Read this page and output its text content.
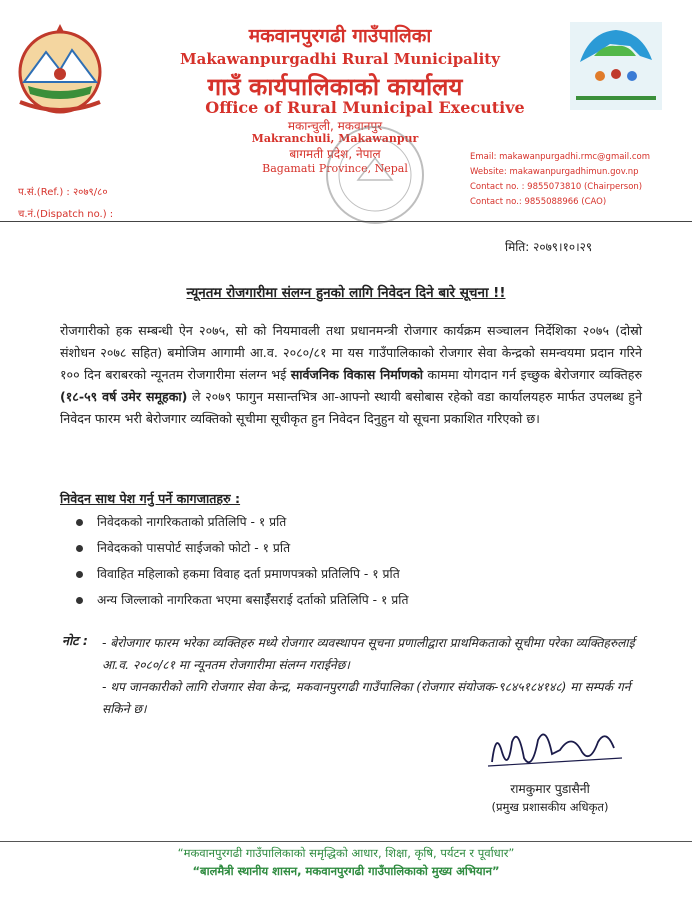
मकवानपुरगढी गाउँपालिका
Makawanpurgadhi Rural Municipality
गाउँ कार्यपालिकाको कार्यालय
Office of Rural Municipal Executive
मकान्चुली, मकवानपुर
Makranchuli, Makawanpur
बागमती प्रदेश, नेपाल
Bagamati Province, Nepal
Email: makawanpurgadhi.rmc@gmail.com
Website: makawanpurgadhimun.gov.np
Contact no. : 9855073810 (Chairperson)
Contact no.: 9855088966 (CAO)
प.सं.(Ref.) : २०७९/८०
च.नं.(Dispatch no.) :
मिति: २०७९।१०।२९
न्यूनतम रोजगारीमा संलग्न हुनको लागि निवेदन दिने बारे सूचना !!
रोजगारीको हक सम्बन्धी ऐन २०७५, सो को नियमावली तथा प्रधानमन्त्री रोजगार कार्यक्रम सञ्चालन निर्देशिका २०७५ (दोस्रो संशोधन २०७८ सहित) बमोजिम आगामी आ.व. २०८०/८१ मा यस गाउँपालिकाको रोजगार सेवा केन्द्रको समन्वयमा प्रदान गरिने १०० दिन बराबरको न्यूनतम रोजगारीमा संलग्न भई सार्वजनिक विकास निर्माणको काममा योगदान गर्न इच्छुक बेरोजगार व्यक्तिहरु (१८-५९ वर्ष उमेर समूहका) ले २०७९ फागुन मसान्तभित्र आ-आफ्नो स्थायी बसोबास रहेको वडा कार्यालयहरु मार्फत उपलब्ध हुने निवेदन फारम भरी बेरोजगार व्यक्तिको सूचीमा सूचीकृत हुन निवेदन दिनुहुन यो सूचना प्रकाशित गरिएको छ।
निवेदन साथ पेश गर्नु पर्ने कागजातहरु :
निवेदकको नागरिकताको प्रतिलिपि - १ प्रति
निवेदकको पासपोर्ट साईजको फोटो - १ प्रति
विवाहित महिलाको हकमा विवाह दर्ता प्रमाणपत्रको प्रतिलिपि - १ प्रति
अन्य जिल्लाको नागरिकता भएमा बसाईँसराई दर्ताको प्रतिलिपि - १ प्रति
नोट : - बेरोजगार फारम भरेका व्यक्तिहरु मध्ये रोजगार व्यवस्थापन सूचना प्रणालीद्वारा प्राथमिकताको सूचीमा परेका व्यक्तिहरुलाई आ.व. २०८०/८१ मा न्यूनतम रोजगारीमा संलग्न गराईनेछ।
- थप जानकारीको लागि रोजगार सेवा केन्द्र, मकवानपुरगढी गाउँपालिका (रोजगार संयोजक-९८४५१८४१४८) मा सम्पर्क गर्न सकिने छ।
रामकुमार पुडासैनी
(प्रमुख प्रशासकीय अधिकृत)
“मकवानपुरगढी गाउँपालिकाको समृद्धिको आधार, शिक्षा, कृषि, पर्यटन र पूर्वाधार”
“बालमैत्री स्थानीय शासन, मकवानपुरगढी गाउँपालिकाको मुख्य अभियान”
